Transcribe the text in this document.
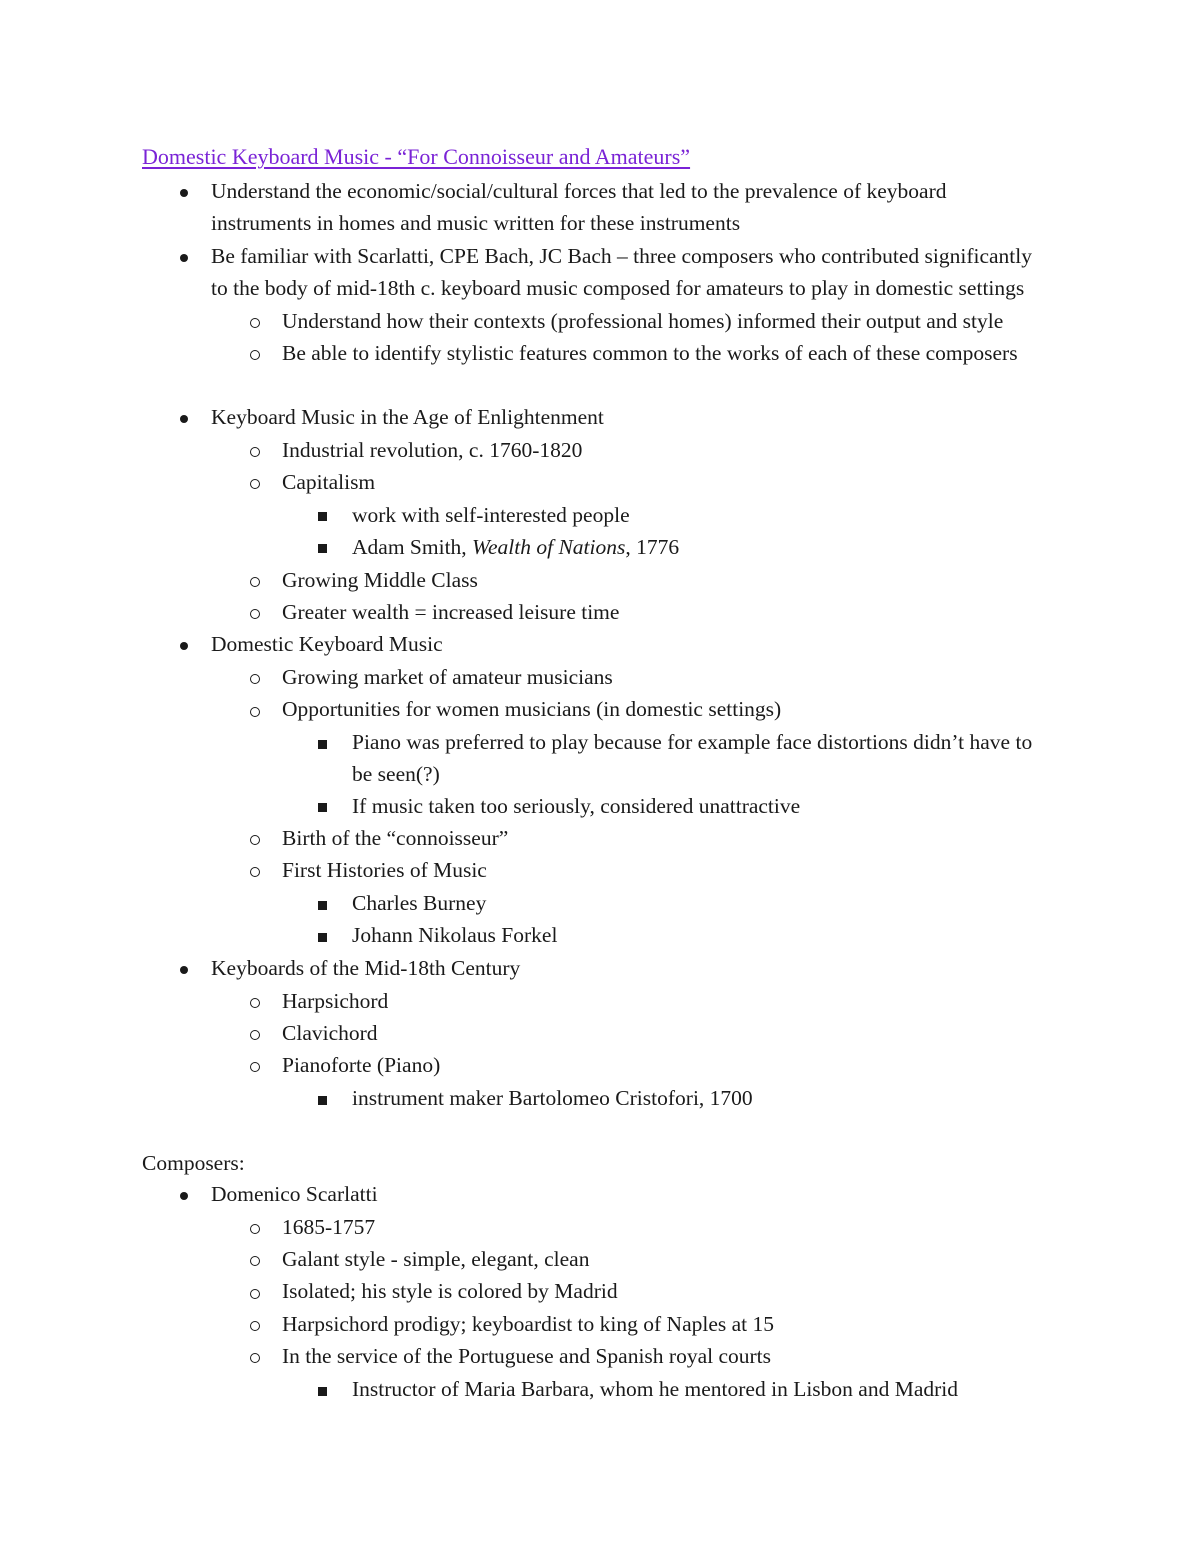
Domestic Keyboard Music - “For Connoisseur and Amateurs”
Understand the economic/social/cultural forces that led to the prevalence of keyboard
instruments in homes and music written for these instruments
Be familiar with Scarlatti, CPE Bach, JC Bach – three composers who contributed significantly
to the body of mid-18th c. keyboard music composed for amateurs to play in domestic settings
Understand how their contexts (professional homes) informed their output and style
Be able to identify stylistic features common to the works of each of these composers
Keyboard Music in the Age of Enlightenment
Industrial revolution, c. 1760-1820
Capitalism
work with self-interested people
Adam Smith, Wealth of Nations, 1776
Growing Middle Class
Greater wealth = increased leisure time
Domestic Keyboard Music
Growing market of amateur musicians
Opportunities for women musicians (in domestic settings)
Piano was preferred to play because for example face distortions didn’t have to
be seen(?)
If music taken too seriously, considered unattractive
Birth of the “connoisseur”
First Histories of Music
Charles Burney
Johann Nikolaus Forkel
Keyboards of the Mid-18th Century
Harpsichord
Clavichord
Pianoforte (Piano)
instrument maker Bartolomeo Cristofori, 1700
Composers:
Domenico Scarlatti
1685-1757
Galant style - simple, elegant, clean
Isolated; his style is colored by Madrid
Harpsichord prodigy; keyboardist to king of Naples at 15
In the service of the Portuguese and Spanish royal courts
Instructor of Maria Barbara, whom he mentored in Lisbon and Madrid
